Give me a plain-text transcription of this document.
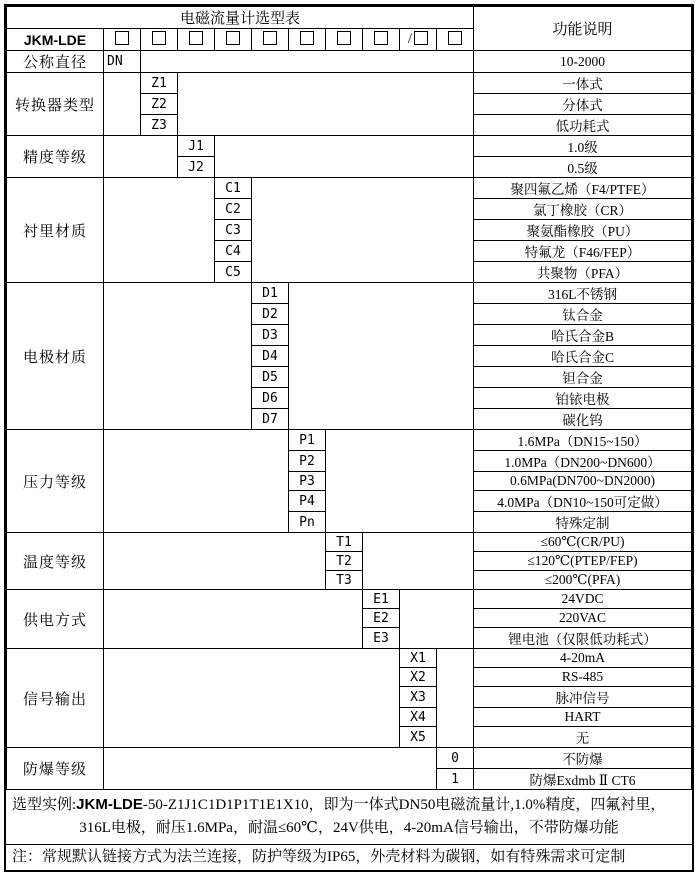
电磁流量计选型表											功能说明
JKM-LDE									/		
公称直径	DN										10-2000
转换器类型		Z1									一体式
		Z2									分体式
		Z3									低功耗式
精度等级			J1								1.0级
			J2								0.5级
衬里材质				C1							聚四氟乙烯（F4/PTFE）
				C2							氯丁橡胶（CR）
				C3							聚氨酯橡胶（PU）
				C4							特氟龙（F46/FEP）
				C5							共聚物（PFA）
电极材质					D1						316L不锈钢
					D2						钛合金
					D3						哈氏合金B
					D4						哈氏合金C
					D5						钽合金
					D6						铂铱电极
					D7						碳化钨
压力等级						P1					1.6MPa（DN15~150）
						P2					1.0MPa（DN200~DN600）
						P3					0.6MPa(DN700~DN2000)
						P4					4.0MPa（DN10~150可定做）
						Pn					特殊定制
温度等级							T1				≤60℃(CR/PU)
							T2				≤120℃(PTEP/FEP)
							T3				≤200℃(PFA)
供电方式								E1			24VDC
								E2			220VAC
								E3			锂电池（仅限低功耗式）
信号输出									X1		4-20mA
									X2		RS-485
									X3		脉冲信号
									X4		HART
									X5		无
防爆等级										0	不防爆
										1	防爆Exdmb Ⅱ CT6
选型实例:JKM-LDE-50-Z1J1C1D1P1T1E1X10，即为一体式DN50电磁流量计,1.0%精度，四氟衬里，
316L电极，耐压1.6MPa，耐温≤60℃，24V供电，4-20mA信号输出，不带防爆功能
注：常规默认链接方式为法兰连接，防护等级为IP65，外壳材料为碳钢，如有特殊需求可定制
